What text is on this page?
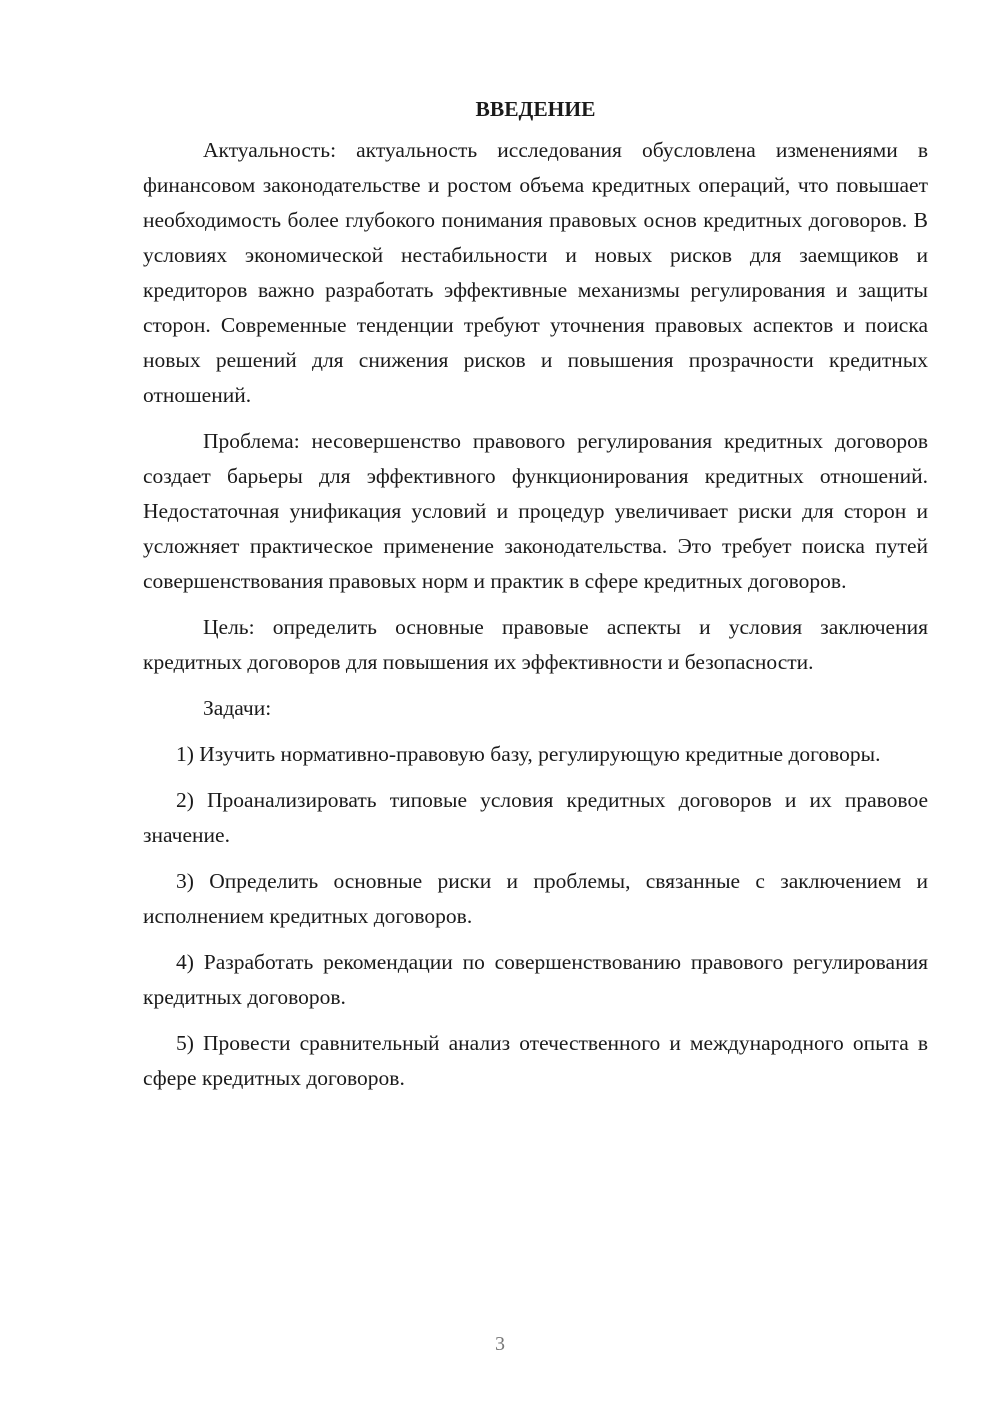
ВВЕДЕНИЕ

Актуальность: актуальность исследования обусловлена изменениями в финансовом законодательстве и ростом объема кредитных операций, что повышает необходимость более глубокого понимания правовых основ кредитных договоров. В условиях экономической нестабильности и новых рисков для заемщиков и кредиторов важно разработать эффективные механизмы регулирования и защиты сторон. Современные тенденции требуют уточнения правовых аспектов и поиска новых решений для снижения рисков и повышения прозрачности кредитных отношений.

Проблема: несовершенство правового регулирования кредитных договоров создает барьеры для эффективного функционирования кредитных отношений. Недостаточная унификация условий и процедур увеличивает риски для сторон и усложняет практическое применение законодательства. Это требует поиска путей совершенствования правовых норм и практик в сфере кредитных договоров.

Цель: определить основные правовые аспекты и условия заключения кредитных договоров для повышения их эффективности и безопасности.

Задачи:

1) Изучить нормативно-правовую базу, регулирующую кредитные договоры.

2) Проанализировать типовые условия кредитных договоров и их правовое значение.

3) Определить основные риски и проблемы, связанные с заключением и исполнением кредитных договоров.

4) Разработать рекомендации по совершенствованию правового регулирования кредитных договоров.

5) Провести сравнительный анализ отечественного и международного опыта в сфере кредитных договоров.

3
